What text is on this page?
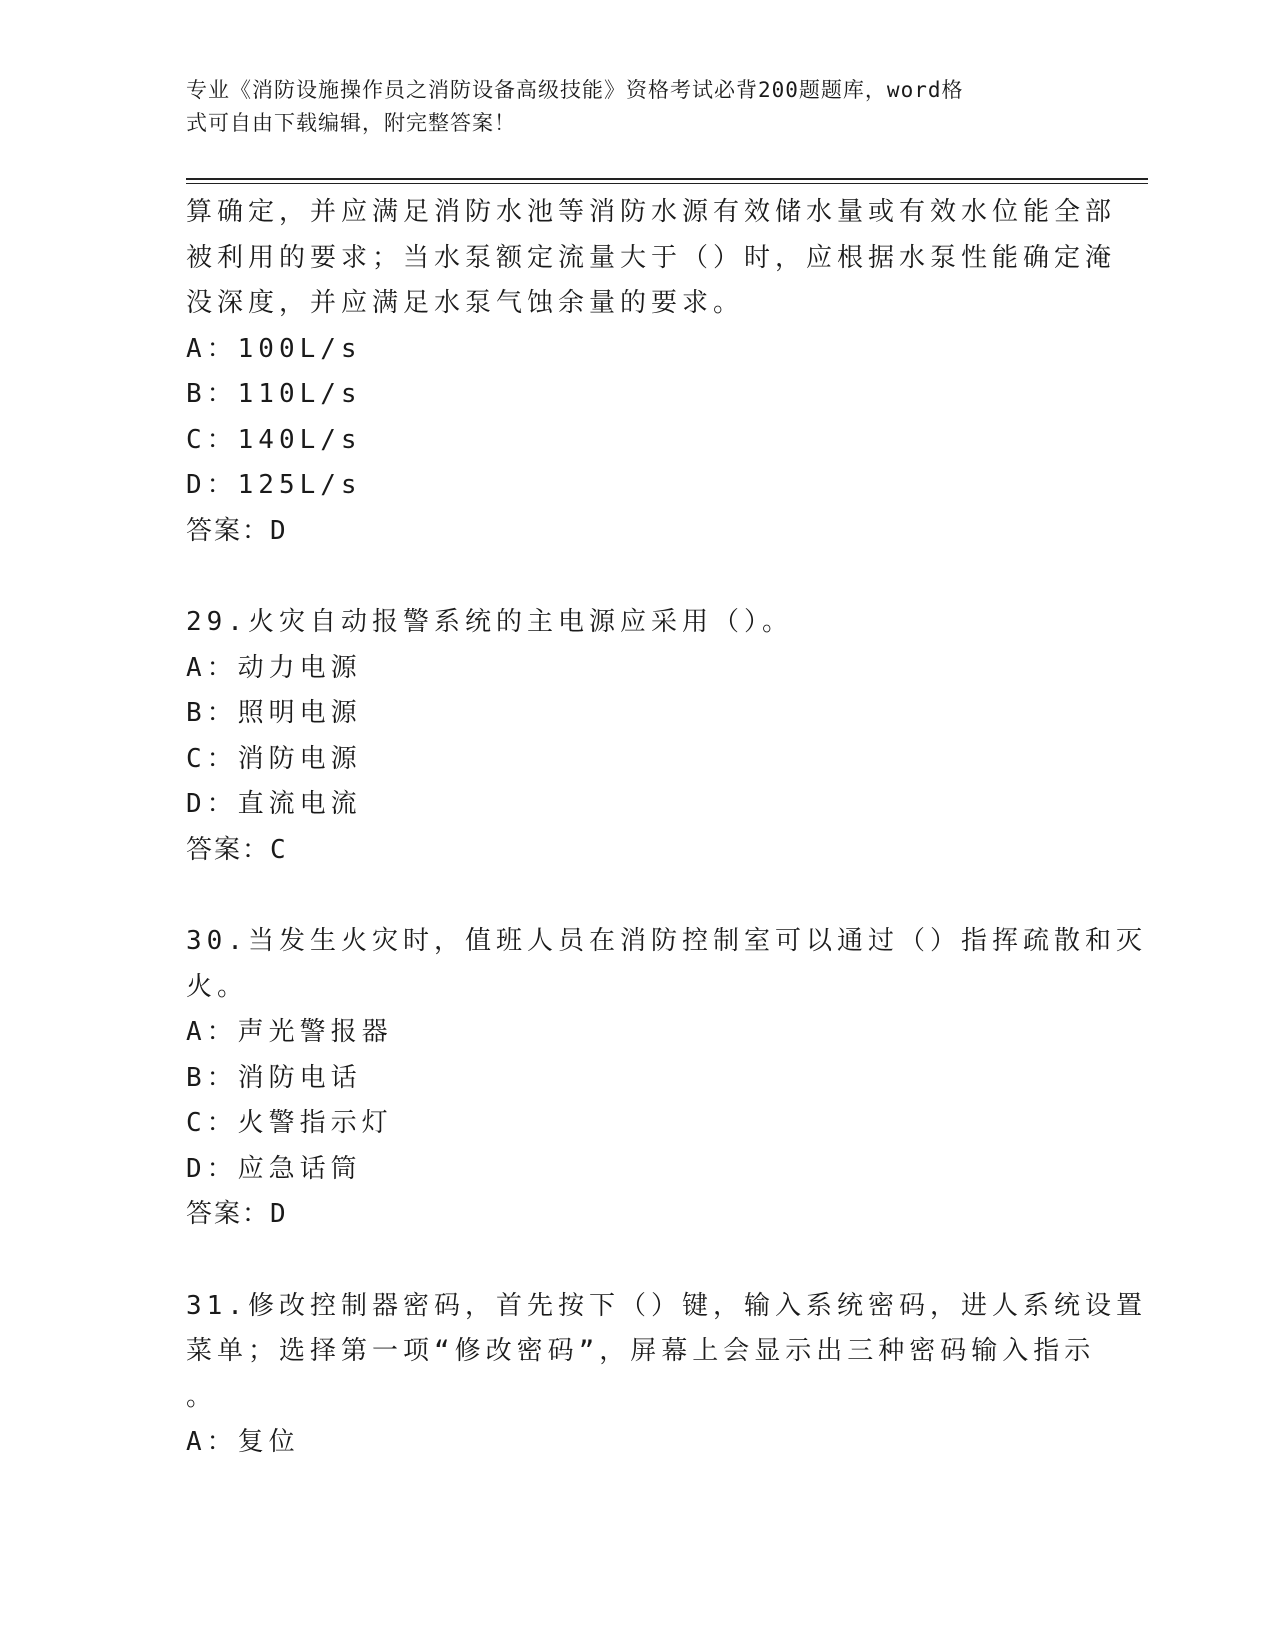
专业《消防设施操作员之消防设备高级技能》资格考试必背200题题库，word格
式可自由下载编辑，附完整答案！
算确定，并应满足消防水池等消防水源有效储水量或有效水位能全部
被利用的要求；当水泵额定流量大于（）时，应根据水泵性能确定淹
没深度，并应满足水泵气蚀余量的要求。
A：100L/s
B：110L/s
C：140L/s
D：125L/s
答案：D
29.火灾自动报警系统的主电源应采用（）。
A：动力电源
B：照明电源
C：消防电源
D：直流电流
答案：C
30.当发生火灾时，值班人员在消防控制室可以通过（）指挥疏散和灭
火。
A：声光警报器
B：消防电话
C：火警指示灯
D：应急话筒
答案：D
31.修改控制器密码，首先按下（）键，输入系统密码，进人系统设置
菜单；选择第一项“修改密码”，屏幕上会显示出三种密码输入指示
。
A：复位
